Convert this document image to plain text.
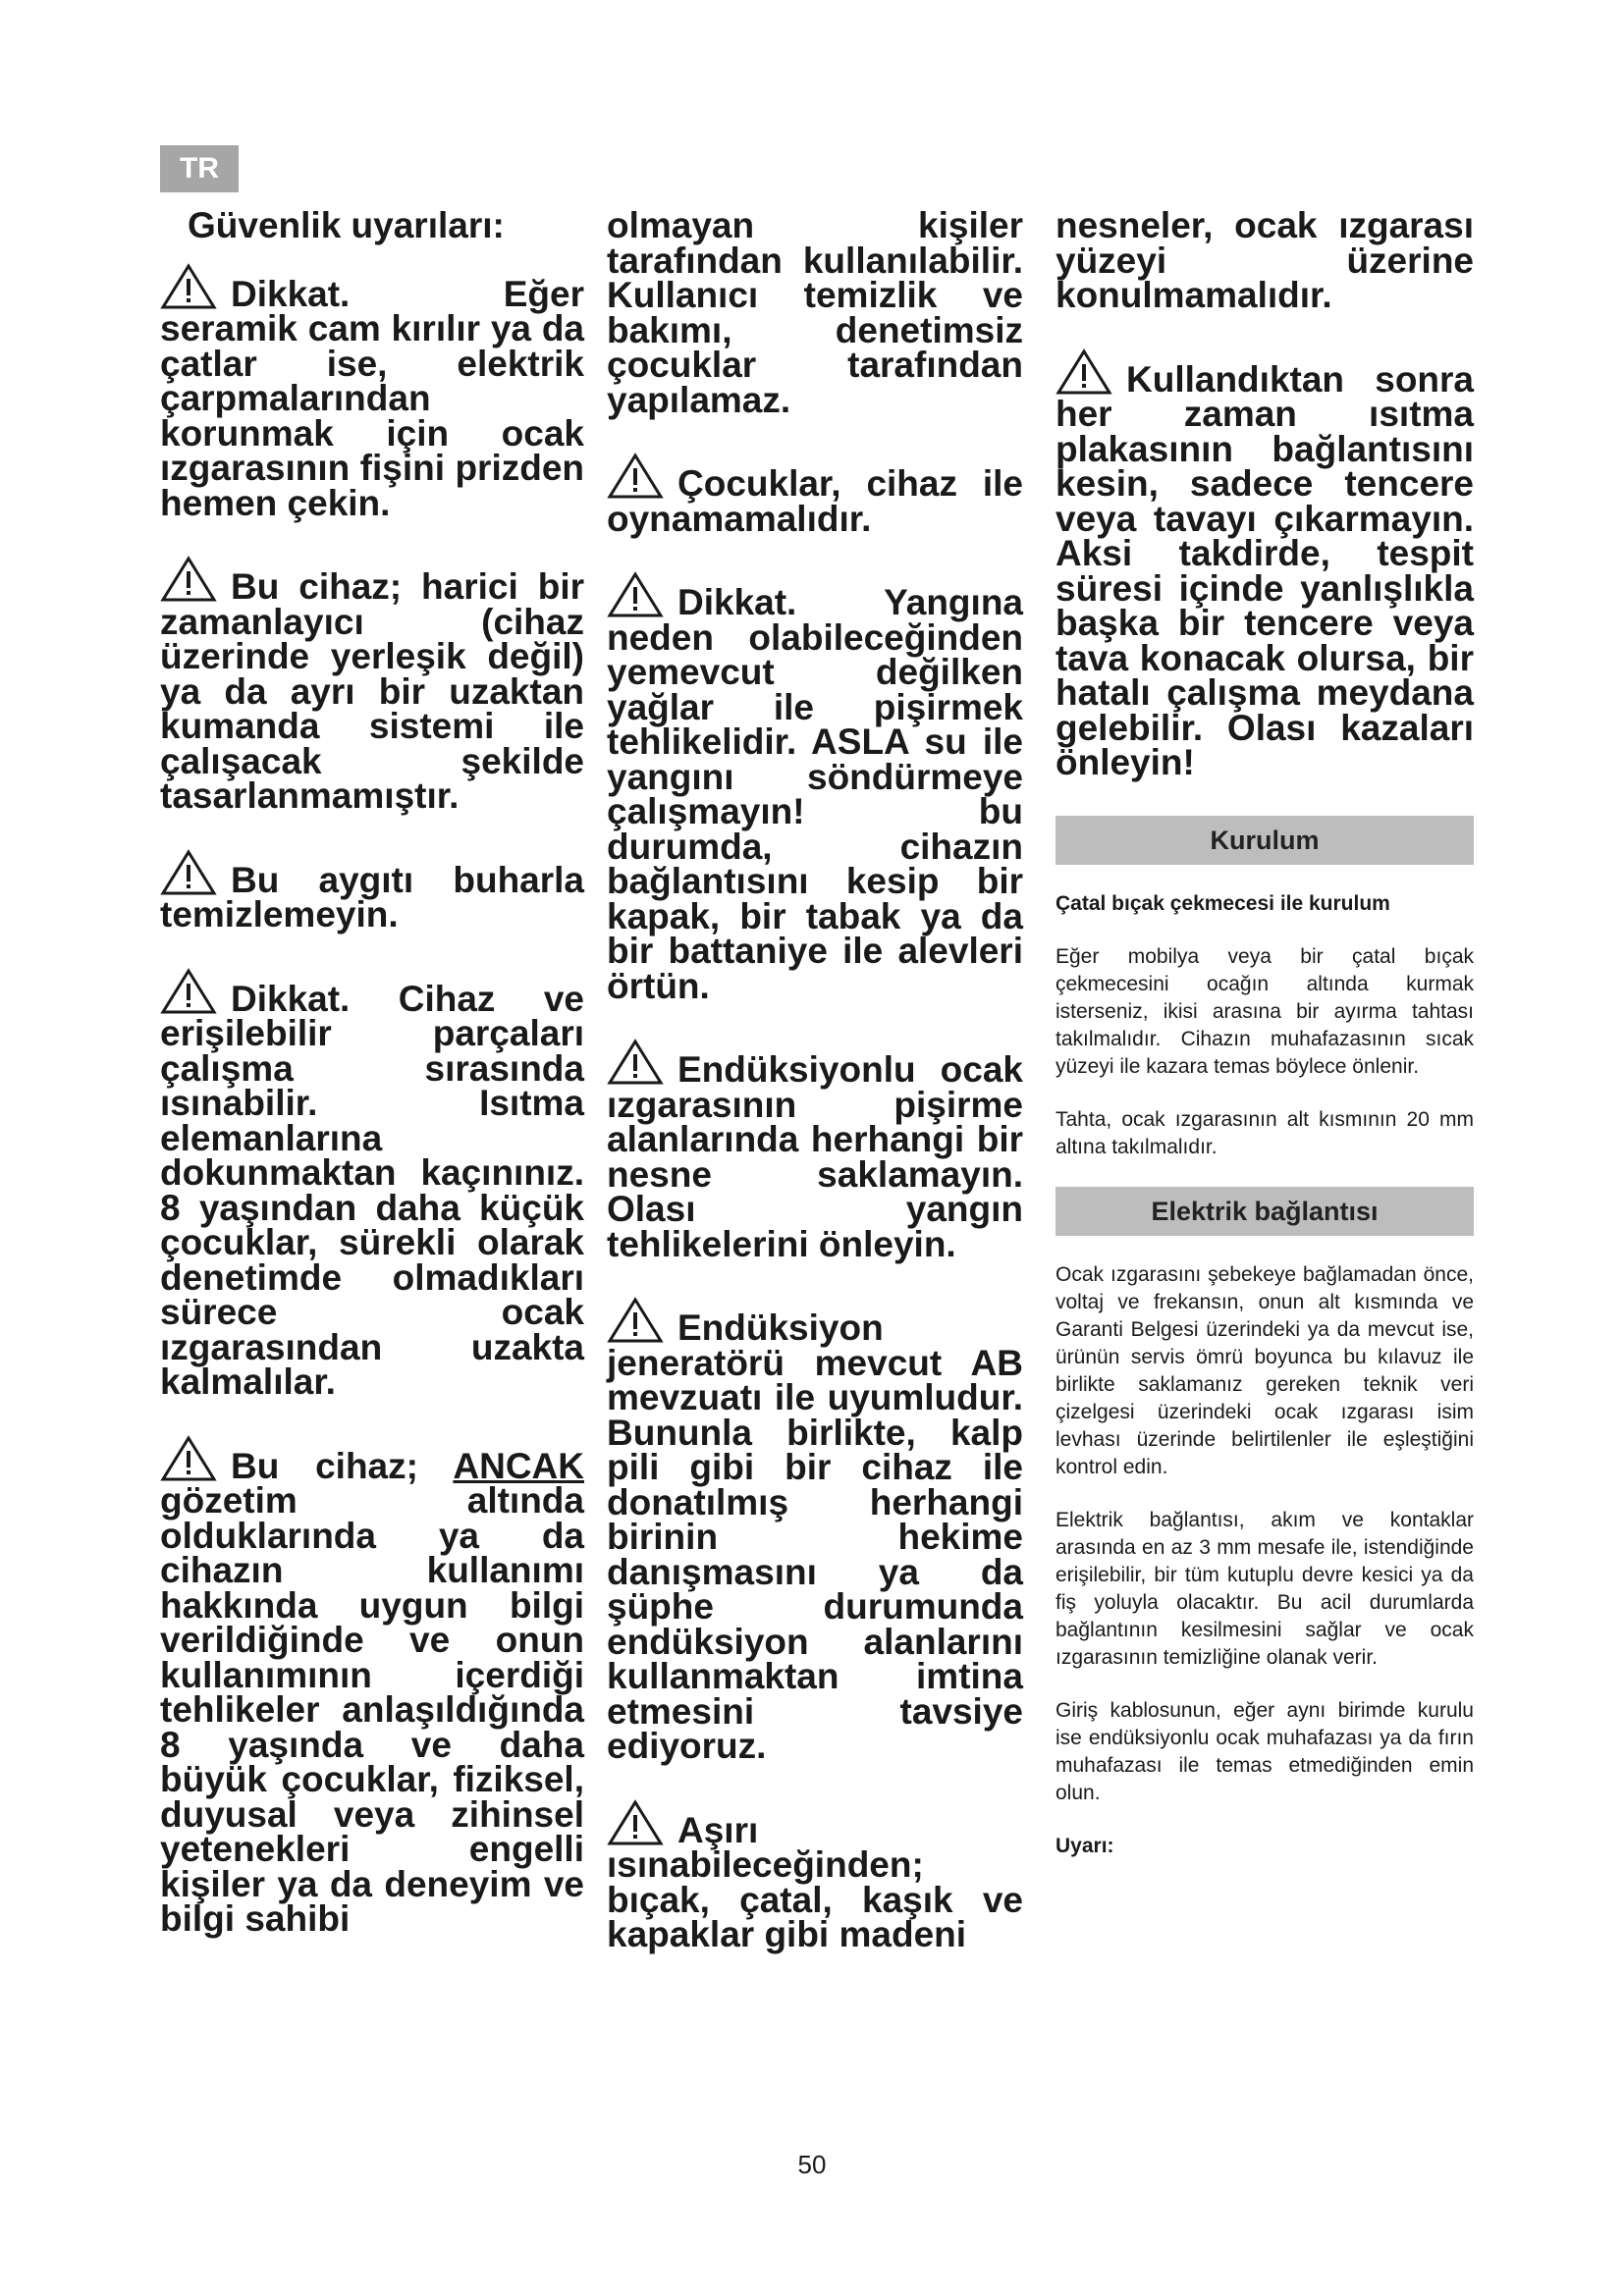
TR

Güvenlik uyarıları:

Dikkat. Eğer seramik cam kırılır ya da çatlar ise, elektrik çarpmalarından korunmak için ocak ızgarasının fişini prizden hemen çekin.

Bu cihaz; harici bir zamanlayıcı (cihaz üzerinde yerleşik değil) ya da ayrı bir uzaktan kumanda sistemi ile çalışacak şekilde tasarlanmamıştır.

Bu aygıtı buharla temizlemeyin.

Dikkat. Cihaz ve erişilebilir parçaları çalışma sırasında ısınabilir. Isıtma elemanlarına dokunmaktan kaçınınız. 8 yaşından daha küçük çocuklar, sürekli olarak denetimde olmadıkları sürece ocak ızgarasından uzakta kalmalılar.

Bu cihaz; ANCAK gözetim altında olduklarında ya da cihazın kullanımı hakkında uygun bilgi verildiğinde ve onun kullanımının içerdiği tehlikeler anlaşıldığında 8 yaşında ve daha büyük çocuklar, fiziksel, duyusal veya zihinsel yetenekleri engelli kişiler ya da deneyim ve bilgi sahibi

olmayan kişiler tarafından kullanılabilir. Kullanıcı temizlik ve bakımı, denetimsiz çocuklar tarafından yapılamaz.

Çocuklar, cihaz ile oynamamalıdır.

Dikkat. Yangına neden olabileceğinden yemevcut değilken yağlar ile pişirmek tehlikelidir. ASLA su ile yangını söndürmeye çalışmayın! bu durumda, cihazın bağlantısını kesip bir kapak, bir tabak ya da bir battaniye ile alevleri örtün.

Endüksiyonlu ocak ızgarasının pişirme alanlarında herhangi bir nesne saklamayın. Olası yangın tehlikelerini önleyin.

Endüksiyon jeneratörü mevcut AB mevzuatı ile uyumludur. Bununla birlikte, kalp pili gibi bir cihaz ile donatılmış herhangi birinin hekime danışmasını ya da şüphe durumunda endüksiyon alanlarını kullanmaktan imtina etmesini tavsiye ediyoruz.

Aşırı ısınabileceğinden; bıçak, çatal, kaşık ve kapaklar gibi madeni

nesneler, ocak ızgarası yüzeyi üzerine konulmamalıdır.

Kullandıktan sonra her zaman ısıtma plakasının bağlantısını kesin, sadece tencere veya tavayı çıkarmayın. Aksi takdirde, tespit süresi içinde yanlışlıkla başka bir tencere veya tava konacak olursa, bir hatalı çalışma meydana gelebilir. Olası kazaları önleyin!

Kurulum

Çatal bıçak çekmecesi ile kurulum

Eğer mobilya veya bir çatal bıçak çekmecesini ocağın altında kurmak isterseniz, ikisi arasına bir ayırma tahtası takılmalıdır. Cihazın muhafazasının sıcak yüzeyi ile kazara temas böylece önlenir.

Tahta, ocak ızgarasının alt kısmının 20 mm altına takılmalıdır.

Elektrik bağlantısı

Ocak ızgarasını şebekeye bağlamadan önce, voltaj ve frekansın, onun alt kısmında ve Garanti Belgesi üzerindeki ya da mevcut ise, ürünün servis ömrü boyunca bu kılavuz ile birlikte saklamanız gereken teknik veri çizelgesi üzerindeki ocak ızgarası isim levhası üzerinde belirtilenler ile eşleştiğini kontrol edin.

Elektrik bağlantısı, akım ve kontaklar arasında en az 3 mm mesafe ile, istendiğinde erişilebilir, bir tüm kutuplu devre kesici ya da fiş yoluyla olacaktır. Bu acil durumlarda bağlantının kesilmesini sağlar ve ocak ızgarasının temizliğine olanak verir.

Giriş kablosunun, eğer aynı birimde kurulu ise endüksiyonlu ocak muhafazası ya da fırın muhafazası ile temas etmediğinden emin olun.

Uyarı:

50
